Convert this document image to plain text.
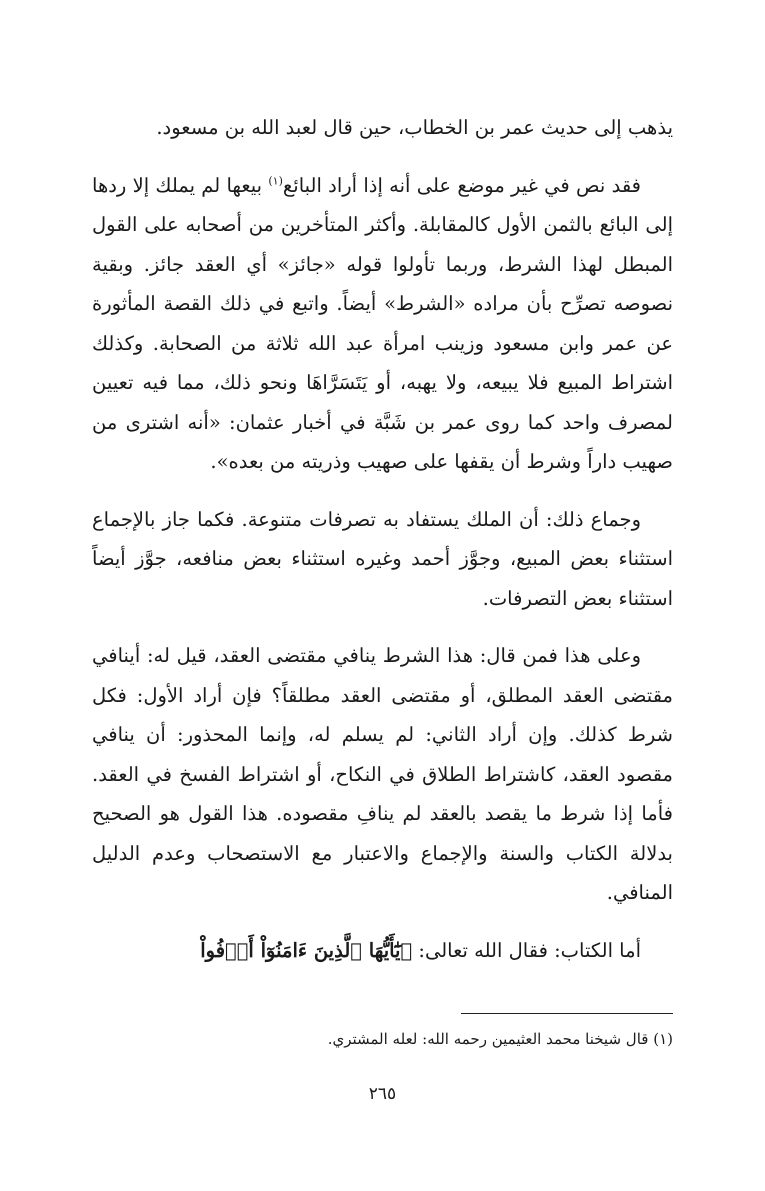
يذهب إلى حديث عمر بن الخطاب، حين قال لعبد الله بن مسعود.

فقد نص في غير موضع على أنه إذا أراد البائع$^{(١)}$ بيعها لم يملك إلا ردها إلى البائع بالثمن الأول كالمقابلة. وأكثر المتأخرين من أصحابه على القول المبطل لهذا الشرط، وربما تأولوا قوله «جائز» أي العقد جائز. وبقية نصوصه تصرِّح بأن مراده «الشرط» أيضاً. واتبع في ذلك القصة المأثورة عن عمر وابن مسعود وزينب امرأة عبد الله ثلاثة من الصحابة. وكذلك اشتراط المبيع فلا يبيعه، ولا يهبه، أو يَتَسَرَّاهَا ونحو ذلك، مما فيه تعيين لمصرف واحد كما روى عمر بن شَبَّة في أخبار عثمان: «أنه اشترى من صهيب داراً وشرط أن يقفها على صهيب وذريته من بعده».

وجماع ذلك: أن الملك يستفاد به تصرفات متنوعة. فكما جاز بالإجماع استثناء بعض المبيع، وجوَّز أحمد وغيره استثناء بعض منافعه، جوَّز أيضاً استثناء بعض التصرفات.

وعلى هذا فمن قال: هذا الشرط ينافي مقتضى العقد، قيل له: أينافي مقتضى العقد المطلق، أو مقتضى العقد مطلقاً؟ فإن أراد الأول: فكل شرط كذلك. وإن أراد الثاني: لم يسلم له، وإنما المحذور: أن ينافي مقصود العقد، كاشتراط الطلاق في النكاح، أو اشتراط الفسخ في العقد. فأما إذا شرط ما يقصد بالعقد لم ينافِ مقصوده. هذا القول هو الصحيح بدلالة الكتاب والسنة والإجماع والاعتبار مع الاستصحاب وعدم الدليل المنافي.

أما الكتاب: فقال الله تعالى: ﴿يَٰٓأَيُّهَا ٱلَّذِينَ ءَامَنُوٓاْ أَوۡفُواْ

(١) قال شيخنا محمد العثيمين رحمه الله: لعله المشتري.
٢٦٥
